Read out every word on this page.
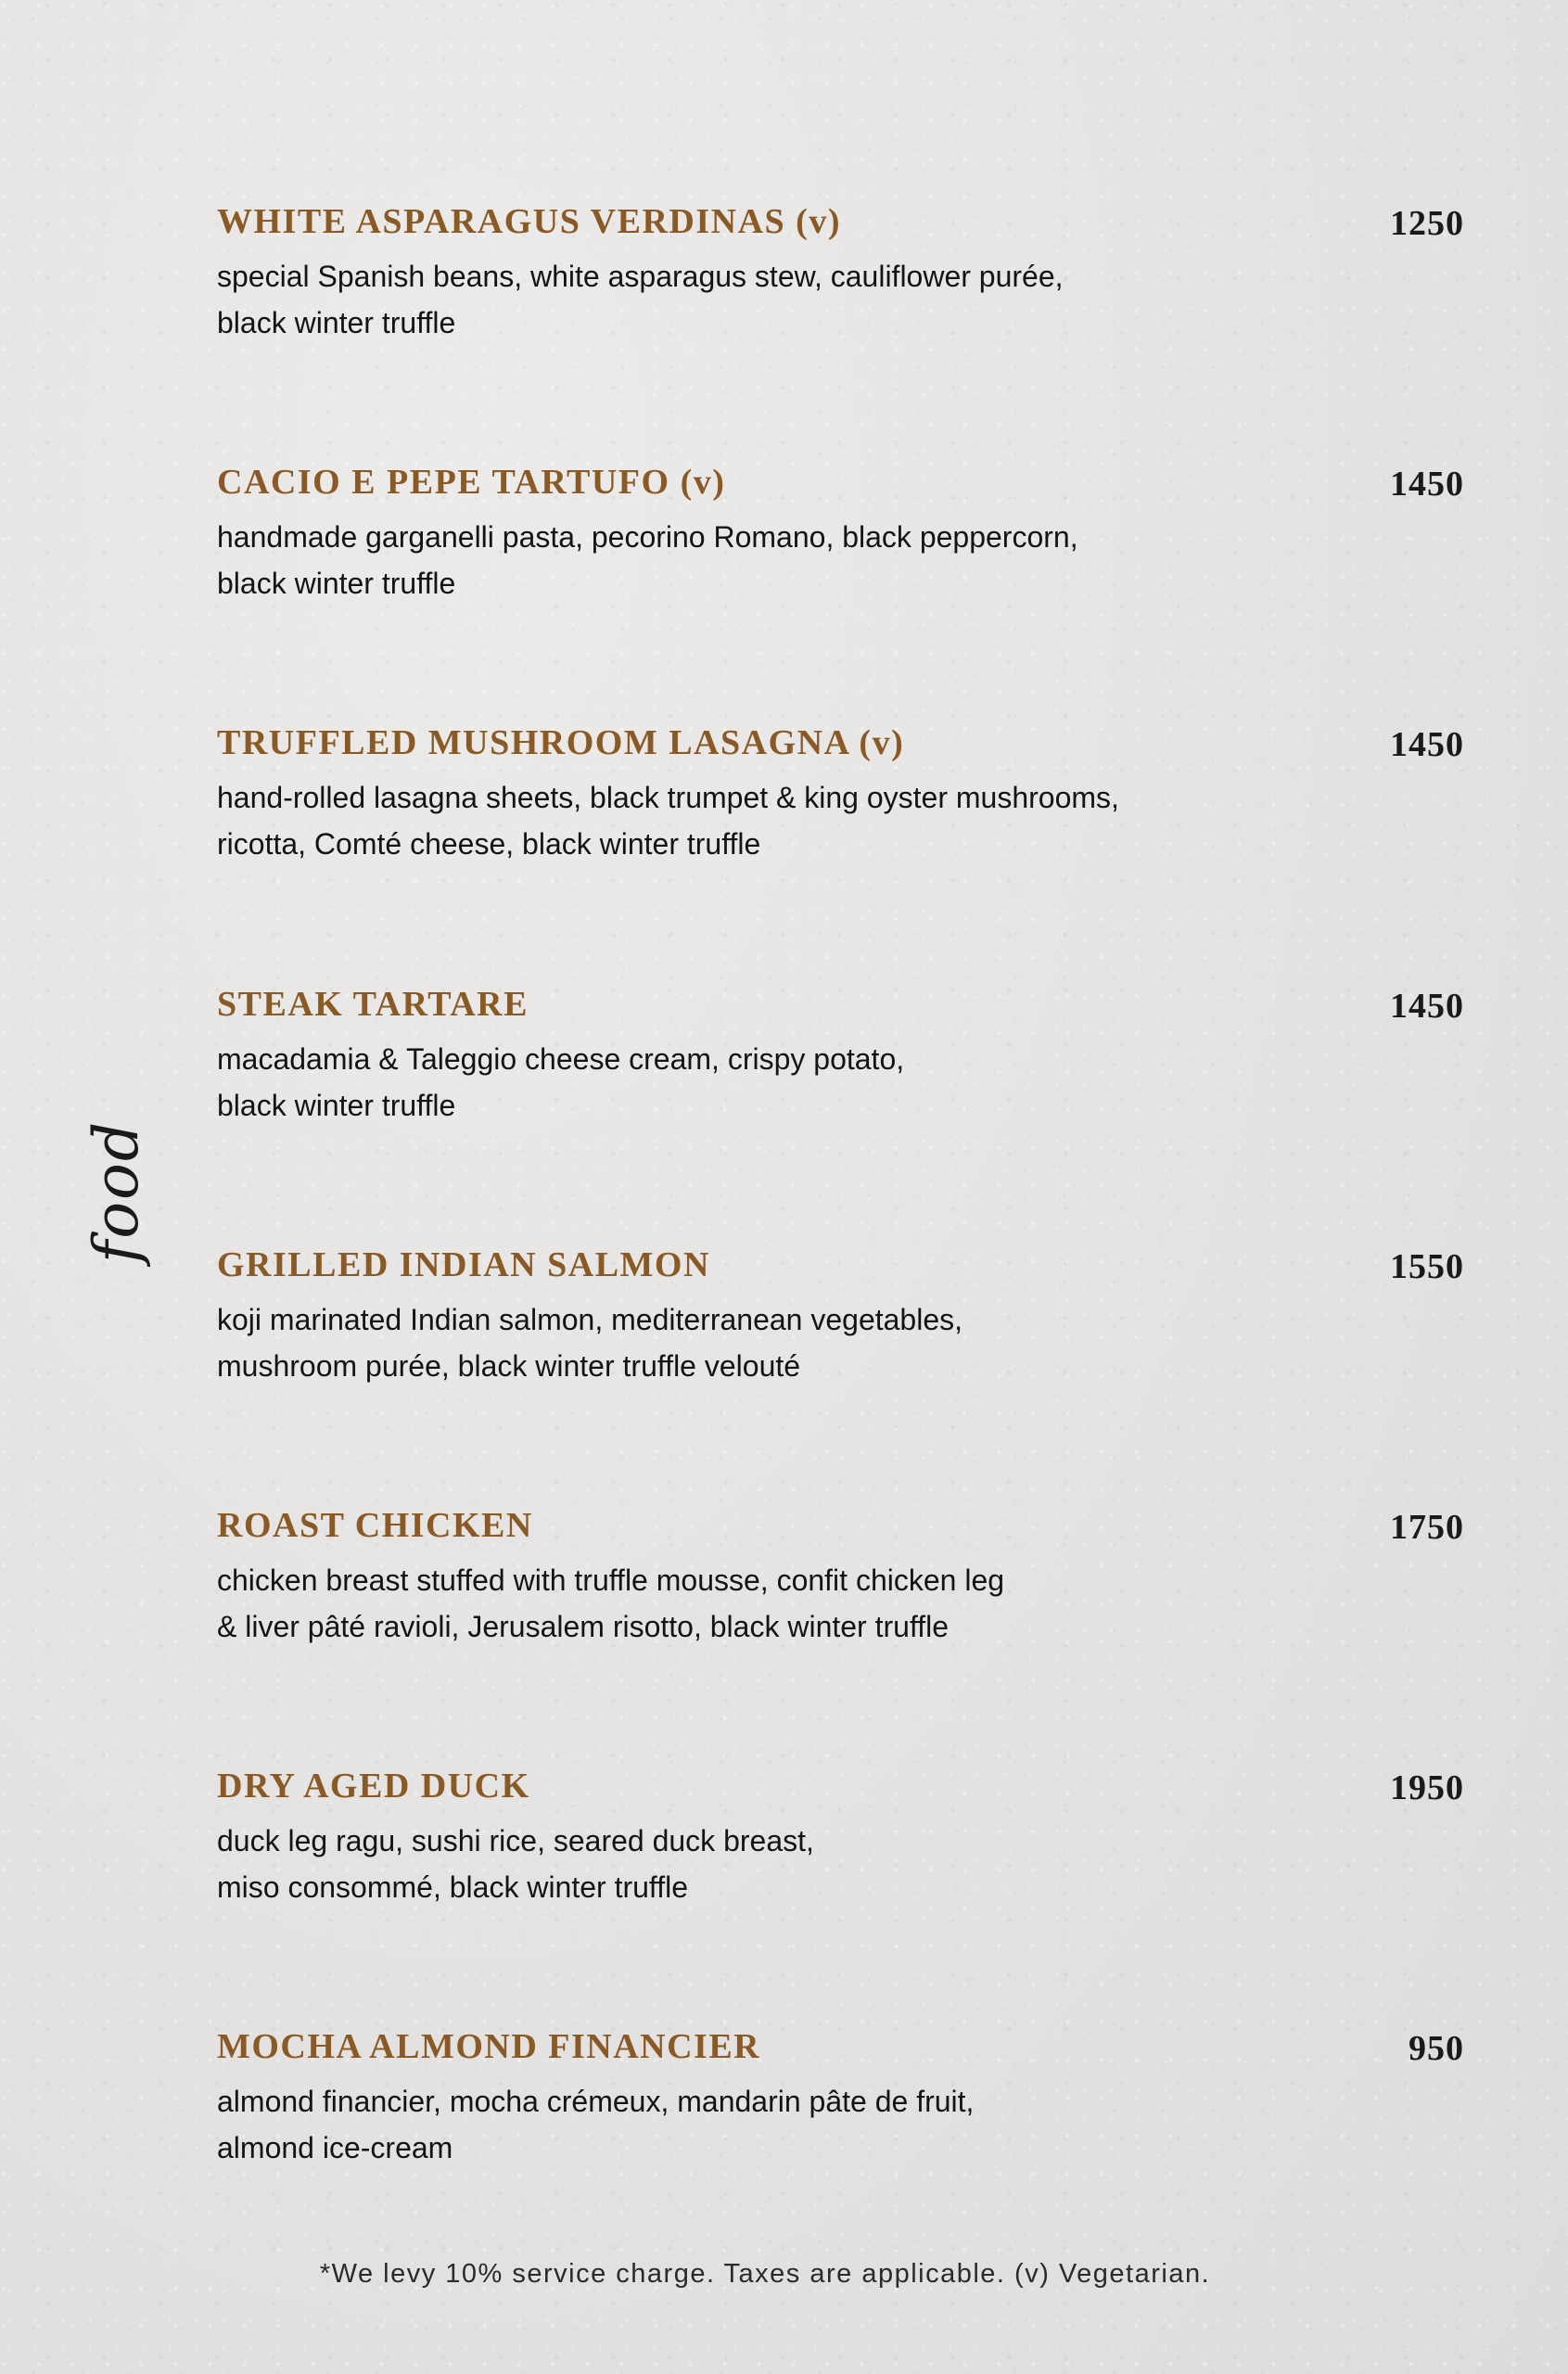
food
WHITE ASPARAGUS VERDINAS (v)	1250
special Spanish beans, white asparagus stew, cauliflower purée,
black winter truffle
CACIO E PEPE TARTUFO (v)	1450
handmade garganelli pasta, pecorino Romano, black peppercorn,
black winter truffle
TRUFFLED MUSHROOM LASAGNA (v)	1450
hand-rolled lasagna sheets, black trumpet & king oyster mushrooms,
ricotta, Comté cheese, black winter truffle
STEAK TARTARE	1450
macadamia & Taleggio cheese cream, crispy potato,
black winter truffle
GRILLED INDIAN SALMON	1550
koji marinated Indian salmon, mediterranean vegetables,
mushroom purée, black winter truffle velouté
ROAST CHICKEN	1750
chicken breast stuffed with truffle mousse, confit chicken leg
& liver pâté ravioli, Jerusalem risotto, black winter truffle
DRY AGED DUCK	1950
duck leg ragu, sushi rice, seared duck breast,
miso consommé, black winter truffle
MOCHA ALMOND FINANCIER	950
almond financier, mocha crémeux, mandarin pâte de fruit,
almond ice-cream
*We levy 10% service charge. Taxes are applicable. (v) Vegetarian.
